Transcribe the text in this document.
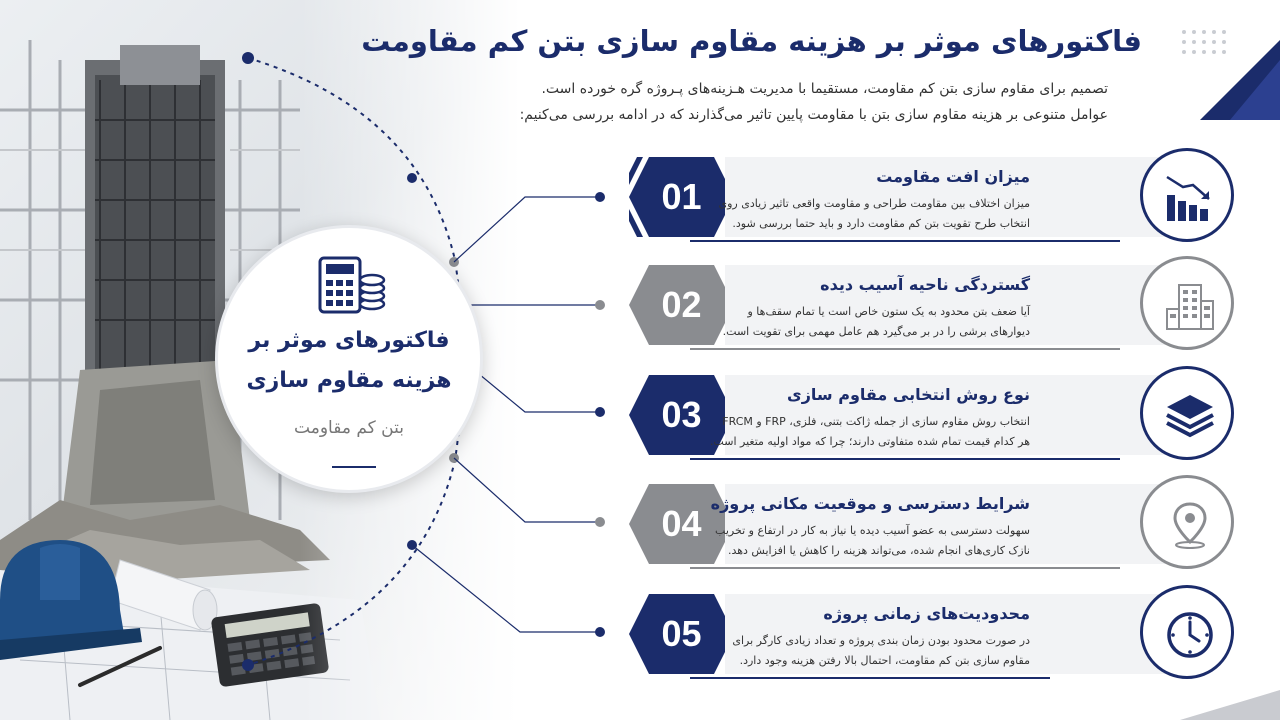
فاکتورهای موثر بر هزینه مقاوم سازی بتن کم مقاومت
تصمیم برای مقاوم سازی بتن کم مقاومت، مستقیما با مدیریت هـزینه‌های پـروژه گره خورده است.
عوامل متنوعی بر هزینه مقاوم سازی بتن با مقاومت پایین تاثیر می‌گذارند که در ادامه بررسی می‌کنیم:
فاکتورهای موثر بر
هزینه مقاوم سازی
بتن کم مقاومت
01	میزان افت مقاومت
میزان اختلاف بین مقاومت طراحی و مقاومت واقعی تاثیر زیادی روی
انتخاب طرح تقویت بتن کم مقاومت دارد و باید حتما بررسی شود.
02	گستردگی ناحیه آسیب دیده
آیا ضعف بتن محدود به یک ستون خاص است یا تمام سقف‌ها و
دیوارهای برشی را در بر می‌گیرد هم عامل مهمی برای تقویت است.
03	نوع روش انتخابی مقاوم سازی
انتخاب روش مقاوم سازی از جمله ژاکت بتنی، فلزی، FRP و FRCM
هر کدام قیمت تمام شده متفاوتی دارند؛ چرا که مواد اولیه متغیر است.
04 شرایط دسترسی و موقعیت مکانی پروژه
سهولت دسترسی به عضو آسیب دیده یا نیاز به کار در ارتفاع و تخریب
نازک کاری‌های انجام شده، می‌تواند هزینه را کاهش یا افزایش دهد.
05	محدودیت‌های زمانی پروژه
در صورت محدود بودن زمان بندی پروژه و تعداد زیادی کارگر برای
مقاوم سازی بتن کم مقاومت، احتمال بالا رفتن هزینه وجود دارد.
